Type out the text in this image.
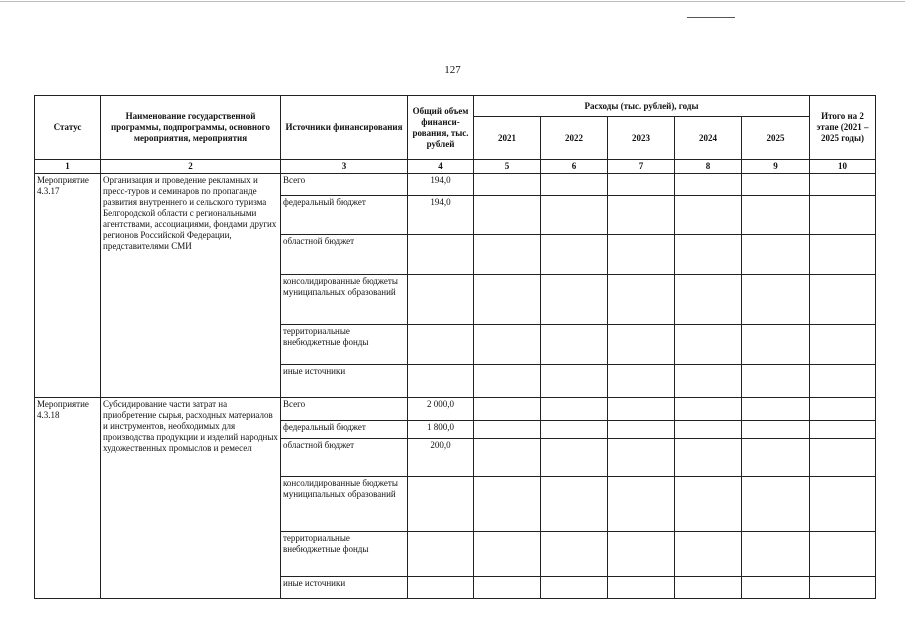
127
Статус	Наименование государственной программы, подпрограммы, основного мероприятия, мероприятия	Источники финансирования	Общий объем финанси-рования, тыс. рублей	Расходы (тыс. рублей), годы					Итого на 2 этапе (2021 – 2025 годы)
				2021	2022	2023	2024	2025	
1	2	3	4	5	6	7	8	9	10
Мероприятие 4.3.17	Организация и проведение рекламных и пресс-туров и семинаров по пропаганде развития внутреннего и сельского туризма Белгородской области с региональными агентствами, ассоциациями, фондами других регионов Российской Федерации, представителями СМИ	Всего	194,0						
		федеральный бюджет	194,0						
		областной бюджет							
		консолидированные бюджеты муниципальных образований							
		территориальные внебюджетные фонды							
		иные источники							
Мероприятие 4.3.18	Субсидирование части затрат на приобретение сырья, расходных материалов и инструментов, необходимых для производства продукции и изделий народных художественных промыслов и ремесел	Всего	2 000,0						
		федеральный бюджет	1 800,0						
		областной бюджет	200,0						
		консолидированные бюджеты муниципальных образований							
		территориальные внебюджетные фонды							
		иные источники							
